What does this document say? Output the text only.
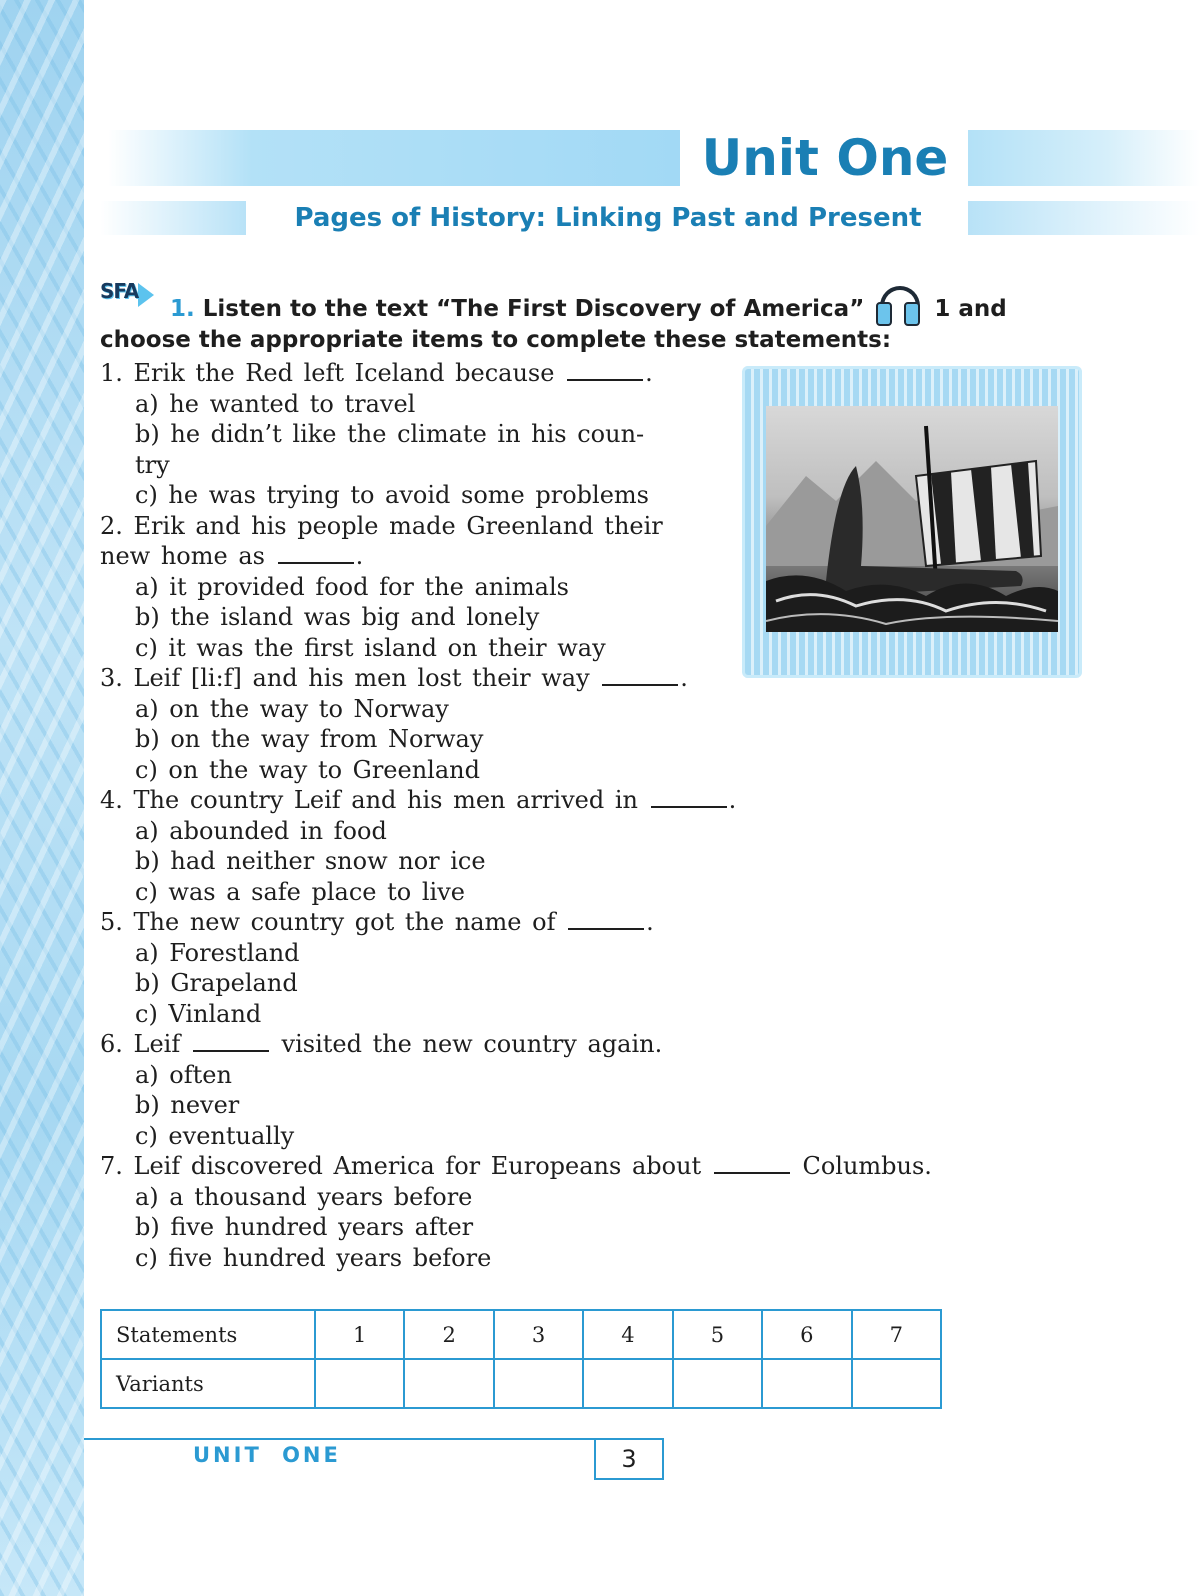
Unit One
Pages of History: Linking Past and Present
SFA
1. Listen to the text “The First Discovery of America”	1 and
choose the appropriate items to complete these statements:
1. Erik the Red left Iceland because	.
a) he wanted to travel
b) he didn’t like the climate in his coun-
try
c) he was trying to avoid some problems
2. Erik and his people made Greenland their
new home as	.
a) it provided food for the animals
b) the island was big and lonely
c) it was the first island on their way
3. Leif [li:f] and his men lost their way	.
a) on the way to Norway
b) on the way from Norway
c) on the way to Greenland
4. The country Leif and his men arrived in	.
a) abounded in food
b) had neither snow nor ice
c) was a safe place to live
5. The new country got the name of	.
a) Forestland
b) Grapeland
c) Vinland
6. Leif	visited the new country again.
a) often
b) never
c) eventually
7. Leif discovered America for Europeans about	Columbus.
a) a thousand years before
b) five hundred years after
c) five hundred years before
Statements	1	2	3	4	5	6	7
Variants							
UNIT ONE	3
